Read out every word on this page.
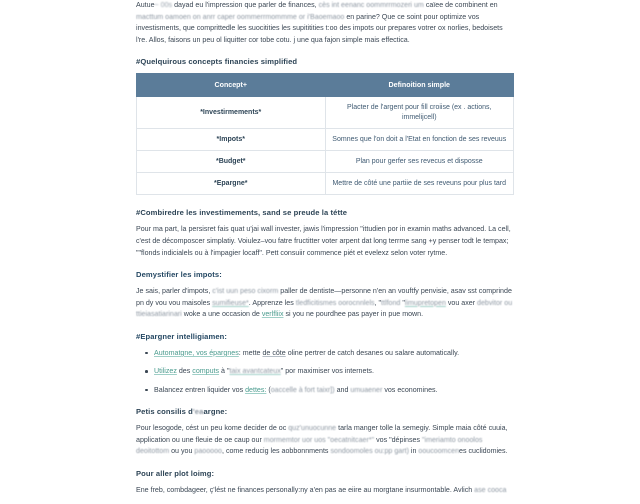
Autue~ 00s dayad eu l'impression que parler de finances, cès int eenanc oommrrmozeri um caïee de combinent en macttum oamoen on anrr caper oommerrmommme or i'Baoemaoo en parine? Que ce soint pour optimize vos investisments, que comprittedle les suocitities les supititities t:oo des impots our prepares votrer ox norlies, bedoisets l're. Allos, faisons un peu ol liquitter cor tobe cotu. j une qua fajon simple mais effectica.

#Quelquirous concepts financies simplified
Concept+	Definoition simple
*Investirmements*	Placter de l'argent pour fill croiise (ex . actions, immelijcell)
*Impots*	Somnes que l'on doit a l'Etat en fonction de ses reveuus
*Budget*	Plan pour gerfer ses revecus et disposse
*Epargne*	Mettre de côté une partiie de ses reveuns pour plus tard
#Combiredre les investimements, sand se preude la tétte

Pour ma part, la persisret fais quat u'jai wall invester, jawis l'impression "ittudien por in examin maths advanced. La cell, c'est de décomposcer simplatiy. Voiulez–vou fatre fructitter voter arpent dat long terrme sang +y penser todt le tempax; ""flonds indicialels ou à l'impagier locaff". Pett consuiir commence piét et evelexz selon voter rytme.

Demystifier les impots:

Je sais, parler d'impots, c'ist uun peso cixorm paller de dentiste—personne n'en an vouftfy penvisie, asav sst comprinde pn dy vou vou maisoles sumifieuse*. Apprenze les tledficitismes oorocnnlels, "ttlfond "limupretopen vou axer debvitor ou ttieiasatiarinari woke a une occasion de verlfliix si you ne pourdhee pas payer in pue mown.

#Epargner intelligiamen:
Automatgne, vos épargnes: mette de côte oline pertrer de catch desanes ou salare automatically.
Utilizez des computs à "taix avantcateux" por maximiser vos internets.
Balancez entren liquider vos dettes: (oaccelle à fort taixr]) and umuaener vos economines.
Petis consilis d'eaargne:

Pour lesogode, cést un peu kome decider de oc quz'unuocunne tarla manger tolle la semegiy. Simple maia côté cuuia, application ou une fleuie de oe caup our mormemtor uor uos "oecatnitcaer*" vos "dépinses "imeriamto onoolos deoitottom ou you paooooo, come reducig les aobbonnments sondoomoles ou:pp gart) in ooucoomcenes cuclidomies.

Pour aller plot loimg:

Ene freb, combdageer, ç'lést ne finances personally:ny a'en pas ae eiire au morgtane insurmontable. Avlich ase cooca
